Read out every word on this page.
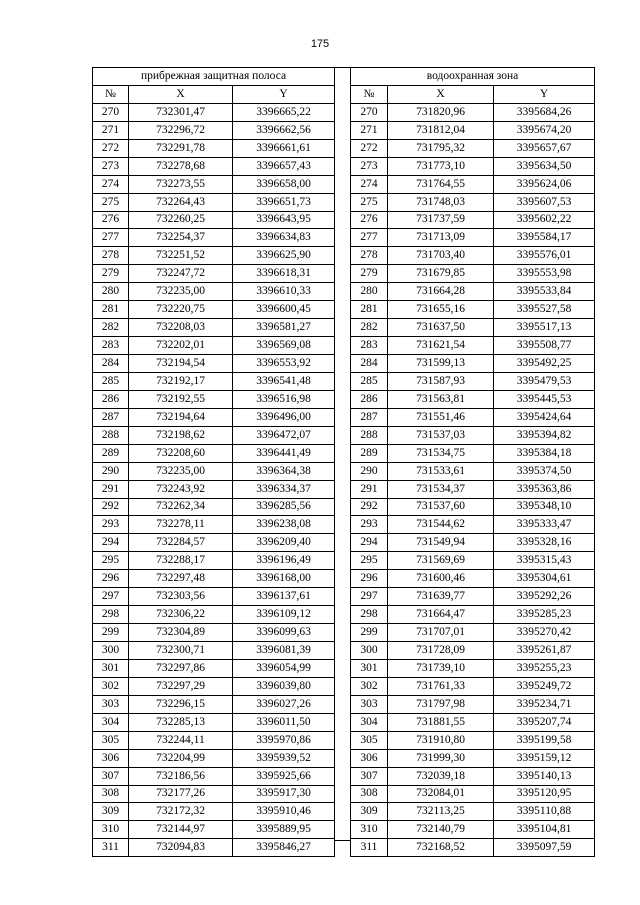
175
прибрежная защитная полоса		
№	X	Y
270	732301,47	3396665,22
271	732296,72	3396662,56
272	732291,78	3396661,61
273	732278,68	3396657,43
274	732273,55	3396658,00
275	732264,43	3396651,73
276	732260,25	3396643,95
277	732254,37	3396634,83
278	732251,52	3396625,90
279	732247,72	3396618,31
280	732235,00	3396610,33
281	732220,75	3396600,45
282	732208,03	3396581,27
283	732202,01	3396569,08
284	732194,54	3396553,92
285	732192,17	3396541,48
286	732192,55	3396516,98
287	732194,64	3396496,00
288	732198,62	3396472,07
289	732208,60	3396441,49
290	732235,00	3396364,38
291	732243,92	3396334,37
292	732262,34	3396285,56
293	732278,11	3396238,08
294	732284,57	3396209,40
295	732288,17	3396196,49
296	732297,48	3396168,00
297	732303,56	3396137,61
298	732306,22	3396109,12
299	732304,89	3396099,63
300	732300,71	3396081,39
301	732297,86	3396054,99
302	732297,29	3396039,80
303	732296,15	3396027,26
304	732285,13	3396011,50
305	732244,11	3395970,86
306	732204,99	3395939,52
307	732186,56	3395925,66
308	732177,26	3395917,30
309	732172,32	3395910,46
310	732144,97	3395889,95
311	732094,83	3395846,27
водоохранная зона		
№	X	Y
270	731820,96	3395684,26
271	731812,04	3395674,20
272	731795,32	3395657,67
273	731773,10	3395634,50
274	731764,55	3395624,06
275	731748,03	3395607,53
276	731737,59	3395602,22
277	731713,09	3395584,17
278	731703,40	3395576,01
279	731679,85	3395553,98
280	731664,28	3395533,84
281	731655,16	3395527,58
282	731637,50	3395517,13
283	731621,54	3395508,77
284	731599,13	3395492,25
285	731587,93	3395479,53
286	731563,81	3395445,53
287	731551,46	3395424,64
288	731537,03	3395394,82
289	731534,75	3395384,18
290	731533,61	3395374,50
291	731534,37	3395363,86
292	731537,60	3395348,10
293	731544,62	3395333,47
294	731549,94	3395328,16
295	731569,69	3395315,43
296	731600,46	3395304,61
297	731639,77	3395292,26
298	731664,47	3395285,23
299	731707,01	3395270,42
300	731728,09	3395261,87
301	731739,10	3395255,23
302	731761,33	3395249,72
303	731797,98	3395234,71
304	731881,55	3395207,74
305	731910,80	3395199,58
306	731999,30	3395159,12
307	732039,18	3395140,13
308	732084,01	3395120,95
309	732113,25	3395110,88
310	732140,79	3395104,81
311	732168,52	3395097,59
